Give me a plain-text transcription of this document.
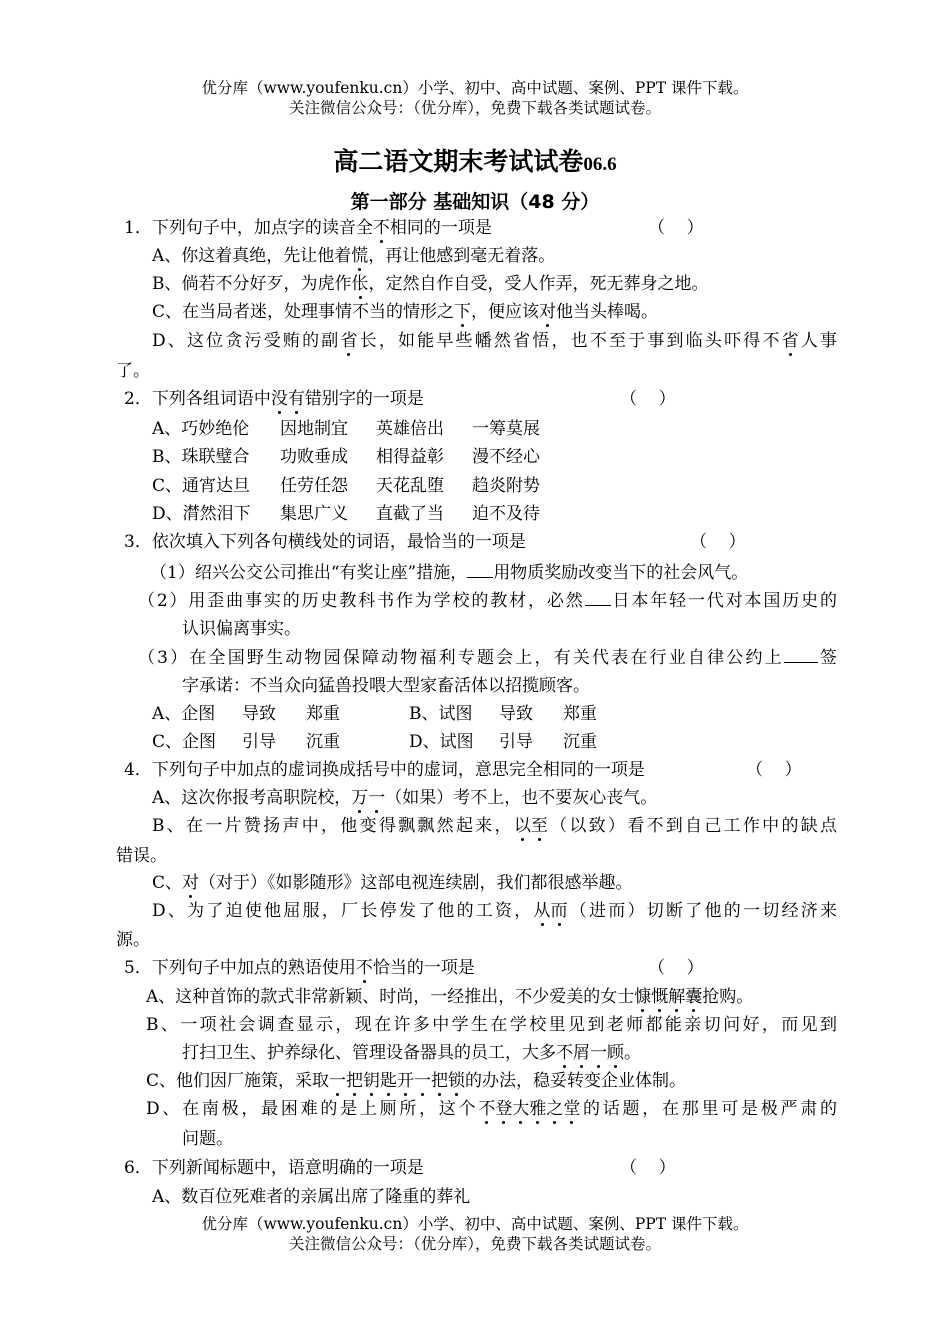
优分库（www.youfenku.cn）小学、初中、高中试题、案例、PPT 课件下载。
关注微信公众号：（优分库），免费下载各类试题试卷。
高二语文期末考试试卷06.6
第一部分 基础知识（48 分）
1．下列句子中，加点字的读音全不相同的一项是	（    ）
A、你这着真绝，先让他着慌，再让他感到毫无着落。
B、倘若不分好歹，为虎作伥，定然自作自受，受人作弄，死无葬身之地。
C、在当局者迷，处理事情不当的情形之下，便应该对他当头棒喝。
D、这位贪污受贿的副省长，如能早些幡然省悟，也不至于事到临头吓得不省人事
了。
2．下列各组词语中没有错别字的一项是	（    ）
A、巧妙绝伦 因地制宜 英雄倍出 一筹莫展
B、珠联璧合 功败垂成 相得益彰 漫不经心
C、通宵达旦 任劳任怨 天花乱堕 趋炎附势
D、潸然泪下 集思广义 直截了当 迫不及待
3．依次填入下列各句横线处的词语，最恰当的一项是	（    ）
（1）绍兴公交公司推出“有奖让座”措施， 用物质奖励改变当下的社会风气。
（2）用歪曲事实的历史教科书作为学校的教材，必然 日本年轻一代对本国历史的
认识偏离事实。
（3）在全国野生动物园保障动物福利专题会上，有关代表在行业自律公约上 签
字承诺：不当众向猛兽投喂大型家畜活体以招揽顾客。
A、企图 导致 郑重	B、试图 导致 郑重
C、企图 引导 沉重	D、试图 引导 沉重
4．下列句子中加点的虚词换成括号中的虚词，意思完全相同的一项是	（    ）
A、这次你报考高职院校，万一（如果）考不上，也不要灰心丧气。
B、在一片赞扬声中，他变得飘飘然起来，以至（以致）看不到自己工作中的缺点
错误。
C、对（对于）《如影随形》这部电视连续剧，我们都很感举趣。
D、为了迫使他屈服，厂长停发了他的工资，从而（进而）切断了他的一切经济来
源。
5．下列句子中加点的熟语使用不恰当的一项是	（    ）
A、这种首饰的款式非常新颖、时尚，一经推出，不少爱美的女士慷慨解囊抢购。
B、一项社会调查显示，现在许多中学生在学校里见到老师都能亲切问好，而见到
打扫卫生、护养绿化、管理设备器具的员工，大多不屑一顾。
C、他们因厂施策，采取一把钥匙开一把锁的办法，稳妥转变企业体制。
D、在南极，最困难的是上厕所，这个不登大雅之堂的话题，在那里可是极严肃的
问题。
6．下列新闻标题中，语意明确的一项是	（    ）
A、数百位死难者的亲属出席了隆重的葬礼
优分库（www.youfenku.cn）小学、初中、高中试题、案例、PPT 课件下载。
关注微信公众号：（优分库），免费下载各类试题试卷。
